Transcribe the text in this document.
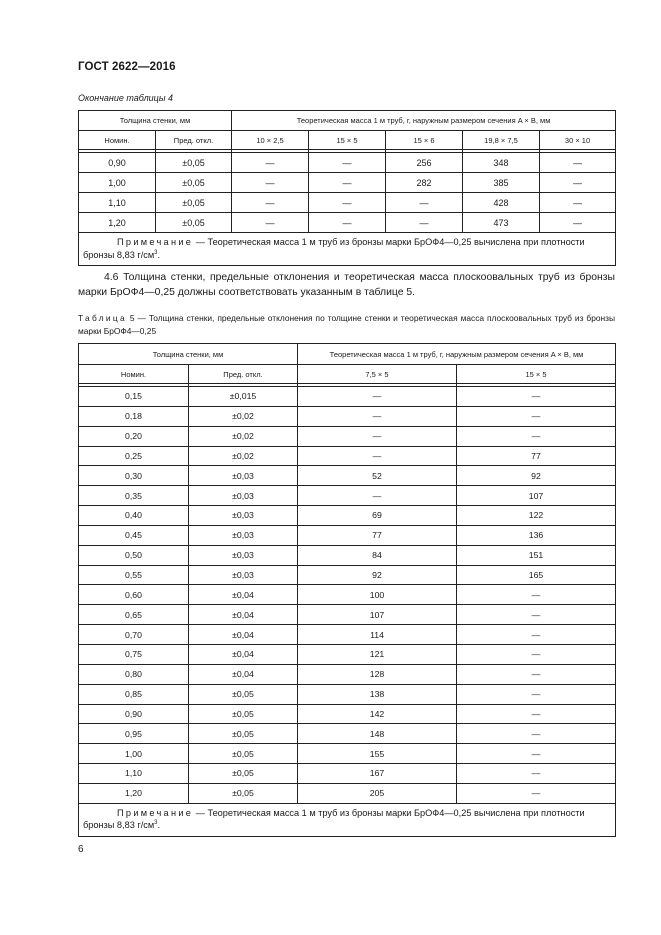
ГОСТ 2622—2016
Окончание таблицы 4
Толщина стенки, мм		Теоретическая масса 1 м труб, г, наружным размером сечения A × B, мм				
Номин.	Пред. откл.	10 × 2,5	15 × 5	15 × 6	19,8 × 7,5	30 × 10

0,90	±0,05	—	—	256	348	—
1,00	±0,05	—	—	282	385	—
1,10	±0,05	—	—	—	428	—
1,20	±0,05	—	—	—	473	—
Примечание — Теоретическая масса 1 м труб из бронзы марки БрОФ4—0,25 вычислена при плотности бронзы 8,83 $г/см^3$.						
4.6 Толщина стенки, предельные отклонения и теоретическая масса плоскоовальных труб из бронзы марки БрОФ4—0,25 должны соответствовать указанным в таблице 5.
Таблица 5 — Толщина стенки, предельные отклонения по толщине стенки и теоретическая масса плоскоовальных труб из бронзы марки БрОФ4—0,25
Толщина стенки, мм		Теоретическая масса 1 м труб, г, наружным размером сечения A × B, мм	
Номин.	Пред. откл.	7,5 × 5	15 × 5

0,15	±0,015	—	—
0,18	±0,02	—	—
0,20	±0,02	—	—
0,25	±0,02	—	77
0,30	±0,03	52	92
0,35	±0,03	—	107
0,40	±0,03	69	122
0,45	±0,03	77	136
0,50	±0,03	84	151
0,55	±0,03	92	165
0,60	±0,04	100	—
0,65	±0,04	107	—
0,70	±0,04	114	—
0,75	±0,04	121	—
0,80	±0,04	128	—
0,85	±0,05	138	—
0,90	±0,05	142	—
0,95	±0,05	148	—
1,00	±0,05	155	—
1,10	±0,05	167	—
1,20	±0,05	205	—
Примечание — Теоретическая масса 1 м труб из бронзы марки БрОФ4—0,25 вычислена при плотности бронзы 8,83 $г/см^3$.			
6
